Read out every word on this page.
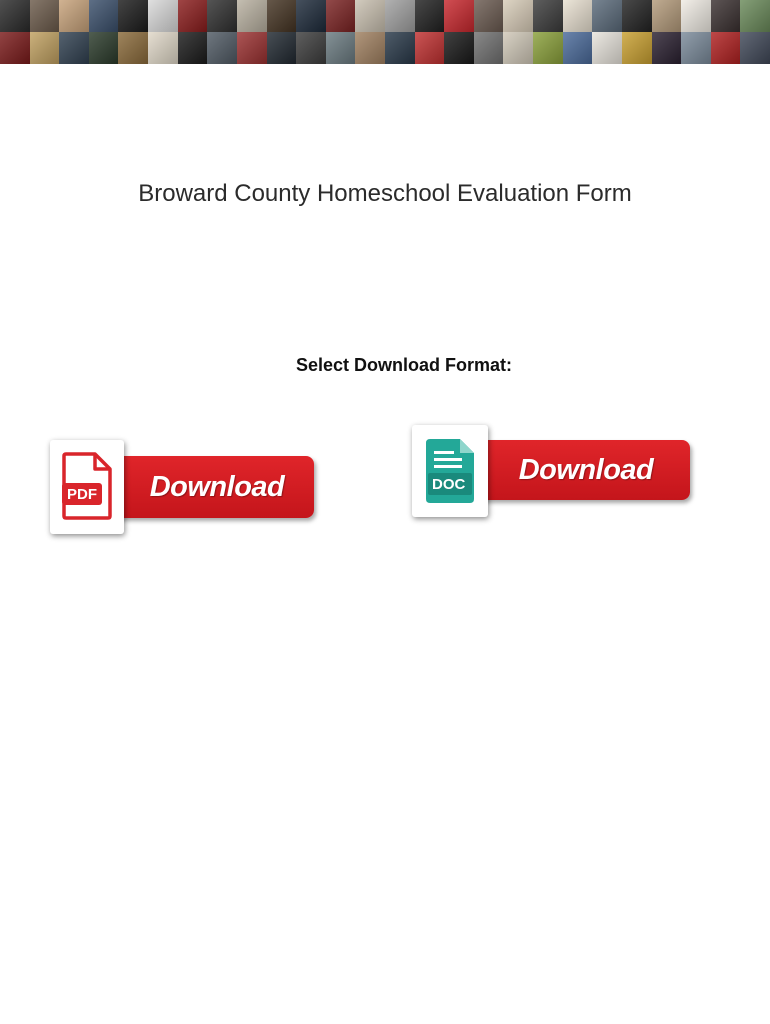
Broward County Homeschool Evaluation Form
Select Download Format:
Download
PDF
Download
DOC
